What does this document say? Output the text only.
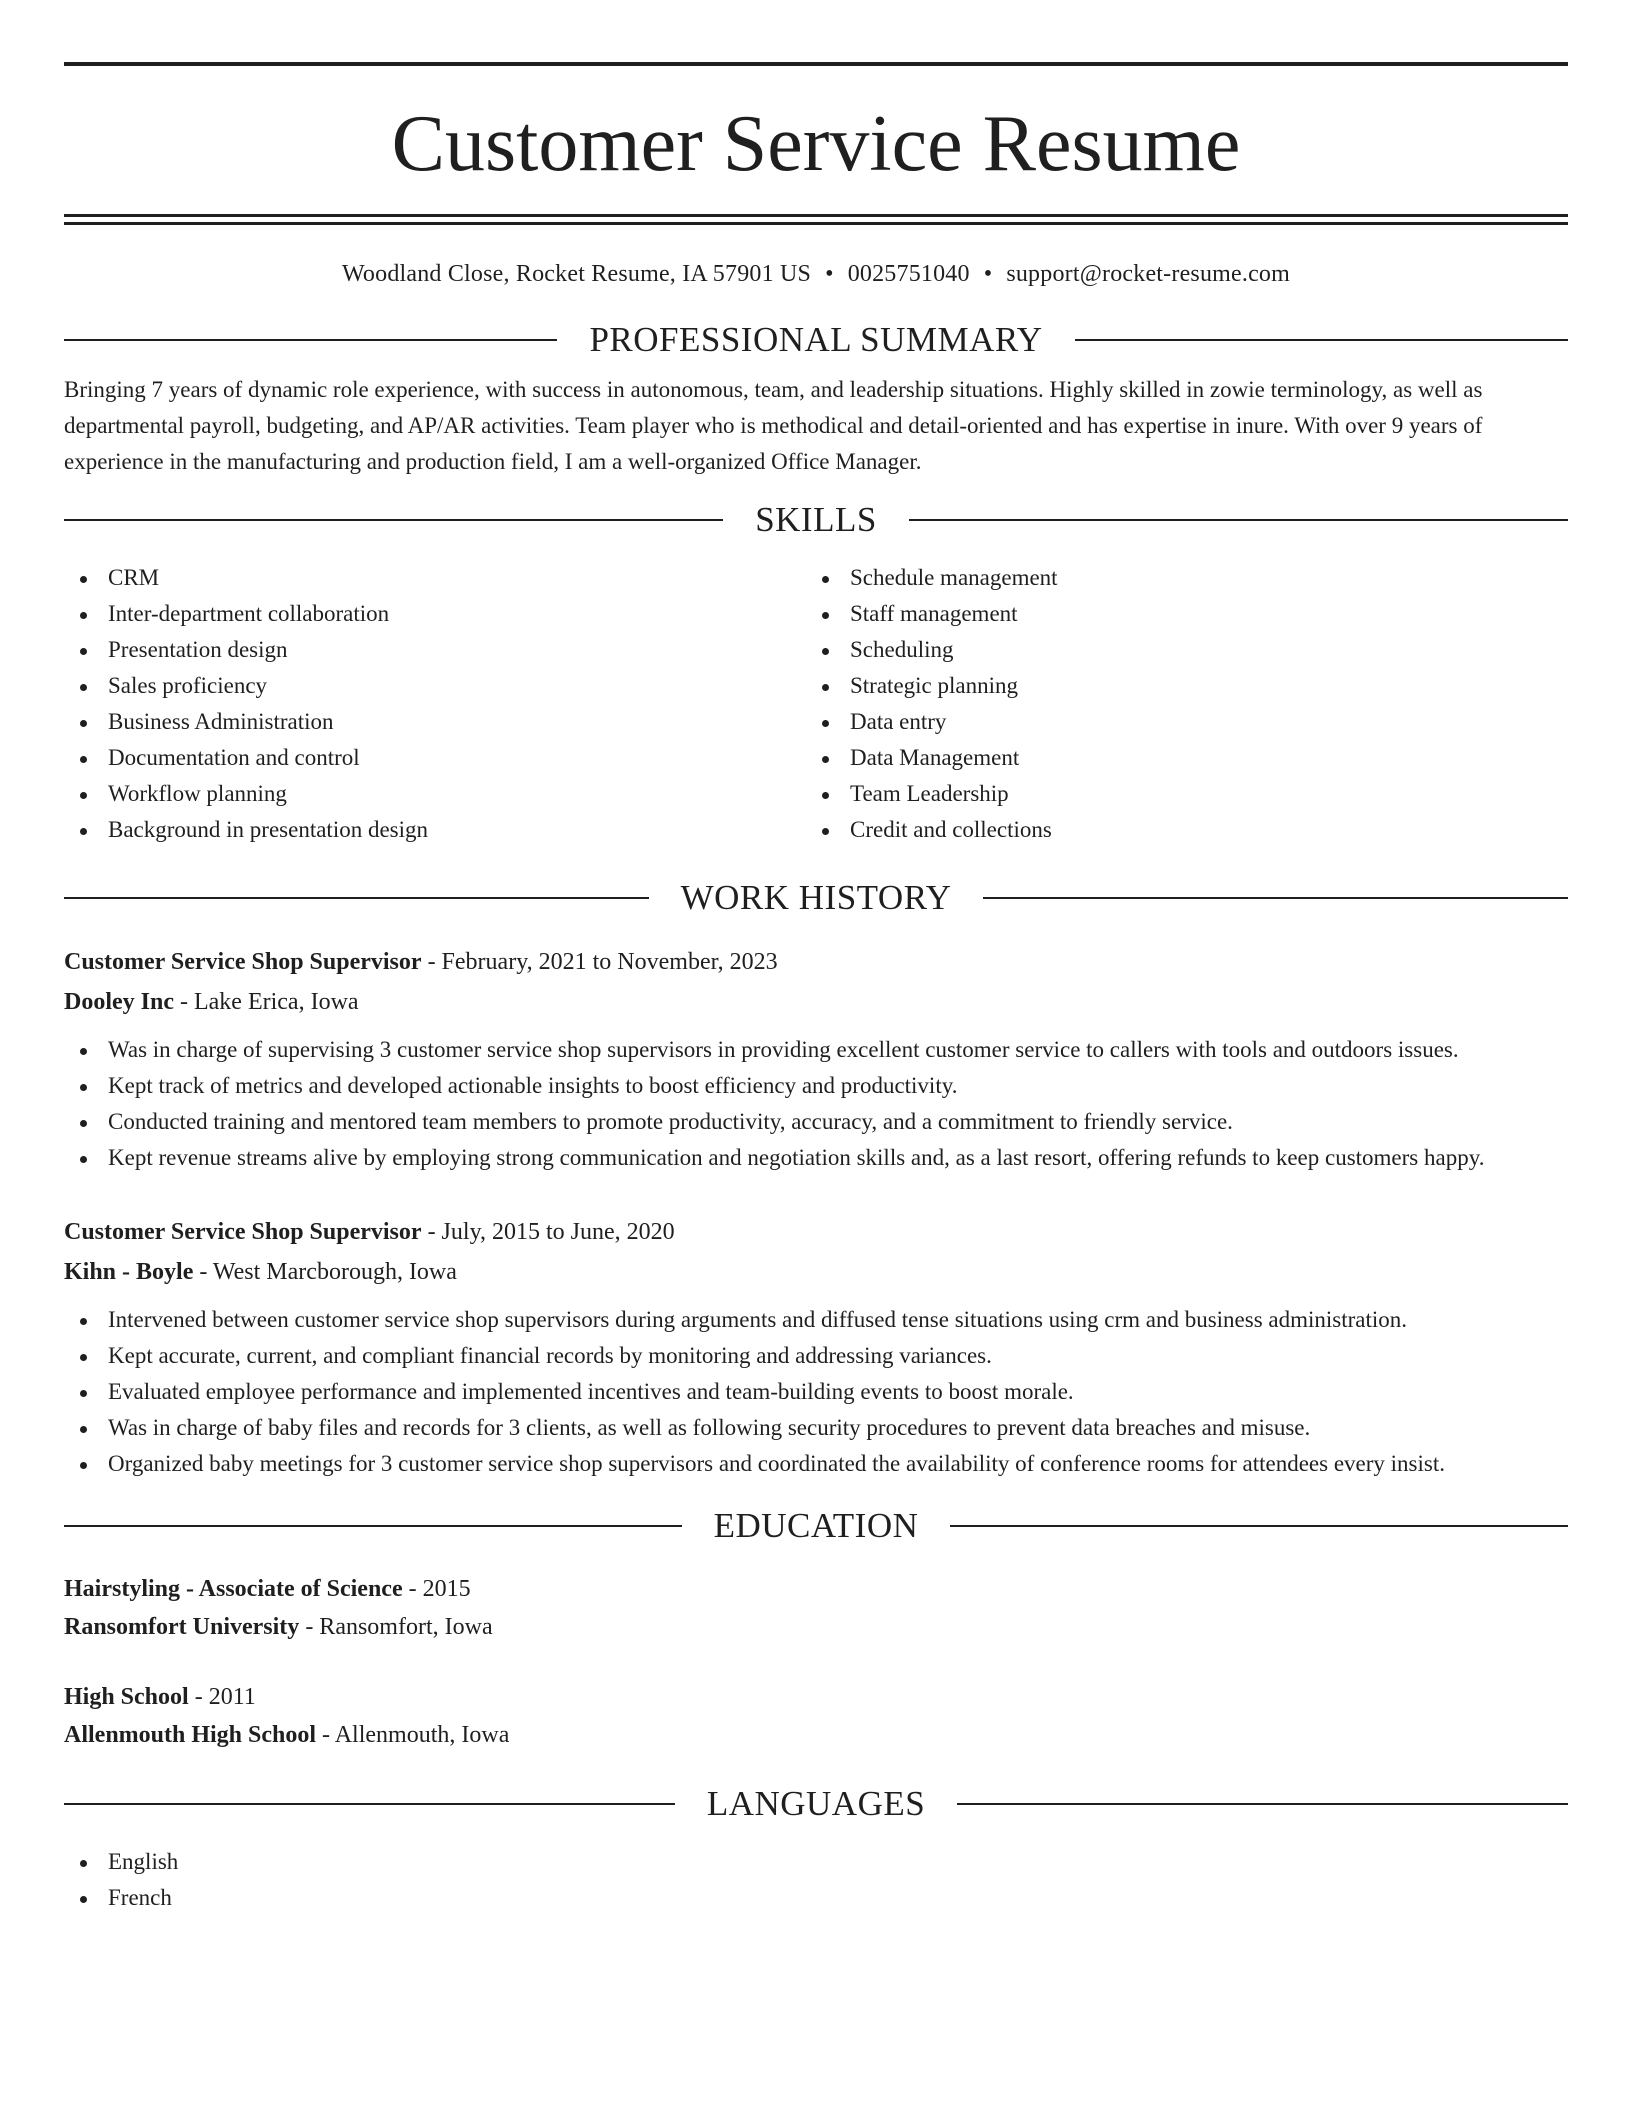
Customer Service Resume
Woodland Close, Rocket Resume, IA 57901 US • 0025751040 • support@rocket-resume.com
PROFESSIONAL SUMMARY
Bringing 7 years of dynamic role experience, with success in autonomous, team, and leadership situations. Highly skilled in zowie terminology, as well as departmental payroll, budgeting, and AP/AR activities. Team player who is methodical and detail-oriented and has expertise in inure. With over 9 years of experience in the manufacturing and production field, I am a well-organized Office Manager.
SKILLS
CRM
Inter-department collaboration
Presentation design
Sales proficiency
Business Administration
Documentation and control
Workflow planning
Background in presentation design
Schedule management
Staff management
Scheduling
Strategic planning
Data entry
Data Management
Team Leadership
Credit and collections
WORK HISTORY
Customer Service Shop Supervisor - February, 2021 to November, 2023
Dooley Inc - Lake Erica, Iowa
Was in charge of supervising 3 customer service shop supervisors in providing excellent customer service to callers with tools and outdoors issues.
Kept track of metrics and developed actionable insights to boost efficiency and productivity.
Conducted training and mentored team members to promote productivity, accuracy, and a commitment to friendly service.
Kept revenue streams alive by employing strong communication and negotiation skills and, as a last resort, offering refunds to keep customers happy.
Customer Service Shop Supervisor - July, 2015 to June, 2020
Kihn - Boyle - West Marcborough, Iowa
Intervened between customer service shop supervisors during arguments and diffused tense situations using crm and business administration.
Kept accurate, current, and compliant financial records by monitoring and addressing variances.
Evaluated employee performance and implemented incentives and team-building events to boost morale.
Was in charge of baby files and records for 3 clients, as well as following security procedures to prevent data breaches and misuse.
Organized baby meetings for 3 customer service shop supervisors and coordinated the availability of conference rooms for attendees every insist.
EDUCATION
Hairstyling - Associate of Science - 2015
Ransomfort University - Ransomfort, Iowa
High School - 2011
Allenmouth High School - Allenmouth, Iowa
LANGUAGES
English
French
